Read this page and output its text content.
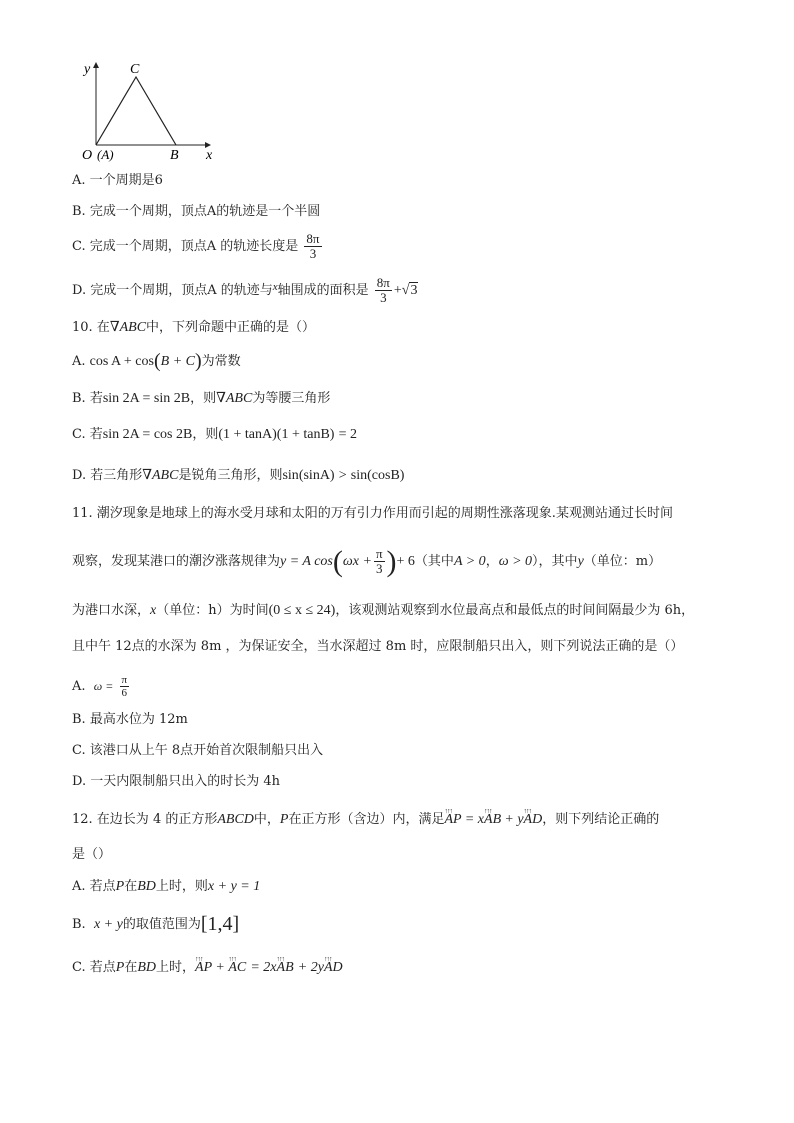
y	C
O (A)	B x
A. 一个周期是6
B. 完成一个周期，顶点A的轨迹是一个半圆
C. 完成一个周期，顶点A 的轨迹长度是 $\frac{8\pi}{3}$
D. 完成一个周期，顶点A 的轨迹与$^x$轴围成的面积是 $\frac{8\pi}{3} +√3$
10. 在∇ABC中，下列命题中正确的是（）
A. cos A + cos(B + C)为常数
B. 若sin 2A = sin 2B，则∇ABC为等腰三角形
C. 若sin 2A = cos 2B，则(1 + tanA)(1 + tanB) = 2
D. 若三角形∇ABC是锐角三角形，则sin(sinA) > sin(cosB)
11. 潮汐现象是地球上的海水受月球和太阳的万有引力作用而引起的周期性涨落现象.某观测站通过长时间
观察，发现某港口的潮汐涨落规律为y = A $\cos(\omega x + \frac{\pi}{3}$ )+ 6（其中A > 0，ω > 0），其中y（单位：m）
为港口水深，x（单位：h）为时间(0 ≤ x ≤ 24)，该观测站观察到水位最高点和最低点的时间间隔最少为 6h，
且中午 12点的水深为 8m ，为保证安全，当水深超过 8m 时，应限制船只出入，则下列说法正确的是（）
A. $\omega = \frac{\pi}{6}$
B. 最高水位为 12m
C. 该港口从上午 8点开始首次限制船只出入
D. 一天内限制船只出入的时长为 4h
12. 在边长为 4 的正方形ABCD中，P在正方形（含边）内，满足↑↑↑ AP = x↑↑↑ AB + y↑↑↑ AD，则下列结论正确的
是（）
A. 若点P在BD上时，则x + y = 1
B. x + y的取值范围为[1,4]
C. 若点P在BD上时，↑↑↑ AP + ↑↑↑ AC = 2x↑↑↑ AB + 2y↑↑↑ AD
